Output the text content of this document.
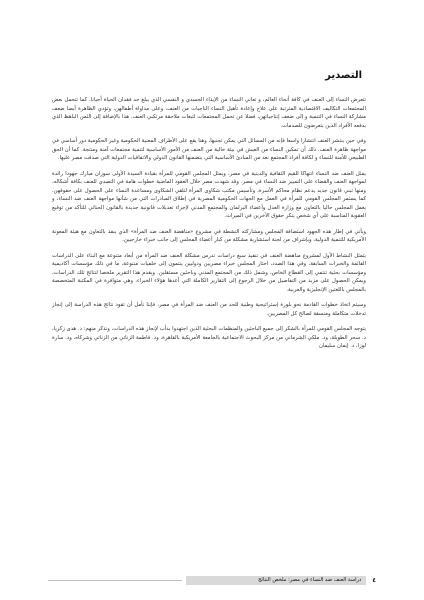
التصدير

تتعرض النساء إلى العنف في كافة أنحاء العالم، و تعاني النساء من الإيذاء الجسدي و النفسي الذي يبلغ حد فقدان الحياة أحيانا. كما تتحمل بعض المجتمعات التكاليف الاقتصادية المترتبة على علاج وإعادة تأهيل النساء الناجيات من العنف، وعلى مداواة أطفالهن، وتؤدي الظاهرة أيضا ضعف مشاركة النساء في التنمية و إلى ضعف إنتاجياتهن، فضلا عن تحمل المجتمعات لتبعات ملاحقة مرتكبي العنف. هذا بالإضافة إلى الثمن الباهظ الذي يدفعه الأفراد الذين يتعرضون للصدمات.

وفي حين ينتشر العنف انتشارا واسعا فإنه من المسائل التي يمكن تجنبها، وهنا يقع على الأطراف المعنية الحكومية وغير الحكومية دور أساسي في مواجهة ظاهرة العنف. ذلك أن تمكين النساء من العيش في بيئة خالية من العنف من الأمور الأساسية لتنمية مجتمعات آمنة ومنتجة. كما أن الحق الطبيعي للأمنة للنساء و لكافة أفراد المجتمع نعد من المبادئ الأساسية التي يتضمنها القانون الدولي والاتفاقيات الدولية التي صدقت مصر عليها.

يمثل العنف ضد النساء انتهاكا للقيم الثقافية والدينية في مصر، ويمثل المجلس القومي للمرأة بقيادة السيدة الأولى سوزان مبارك جهودا رائدة لمواجهة العنف والقضاء على التمييز ضد النساء في مصر. وقد شهدت مصر خلال العقود الماضية خطوات هامة في التصدي للعنف بكافة أشكاله، ومنها تبني قانون جديد يدعم نظام محاكم الأسرة، وتأسيس مكتب شكاوى المرأة لتلقي الشكاوى ومساعدة النساء على الحصول على حقوقهن. كما يستمر المجلس القومي للمرأة في العمل مع الجهات الحكومية المصرية في إطلاق المبادرات التي من شأنها مواجهة العنف ضد النساء، و يعمل المجلس حاليا بالتعاون مع وزارة العدل وأعضاء البرلمان والمجتمع المدني لإجراء تعديلات قانونية جديدة بالقانون الجنائي للتأكد من توقيع العقوبة المناسبة على أي شخص ينكر حقوق الآخرين في الميراث.

ويأتي في إطار هذه الجهود استضافة المجلس ومشاركته النشطة في مشروع «مناهضة العنف ضد المرأة» الذي ينفذ بالتعاون مع هيئة المعونة الأمريكية للتنمية الدولية، وبإشراف من لجنة استشارية مشكلة من كبار أعضاء المجلس إلى جانب خبراء خارجيين.

يتمثل النشاط الأول لمشروع مناهضة العنف في تنفيذ سبع دراسات تدرس مشكلة العنف ضد المرأة من أبعاد متنوعة مع البناء على الدراسات القائمة والخبرات السابقة، وفي هذا الصدد، اختار المجلس خبراء مصريين ودوليين ينتمون إلى خلفيات متنوعة، ما في ذلك مؤسسات أكاديمية ومؤسسات بحثية تنتمي إلى القطاع الخاص، وشمل ذلك من المجتمع المدني وباحثين مستقلين. ويقدم هذا التقرير ملخصا لنتائج تلك الدراسات، ويمكن الحصول على مزيد من التفاصيل من خلال الرجوع إلى التقارير الكاملة التي أعدها هؤلاء الخبراء، وهي متوافرة في المكتبة المتخصصة بالمجلس باللغتين الإنجليزية والعربية.

وسيتم اتخاذ خطوات القادمة نحو بلورة إستراتيجية وطنية للحد من العنف ضد المرأة في مصر، فإننا نأمل أن تقود نتائج هذه الدراسة إلى إنجاز تدخلات متكاملة ومنسقة لصالح كل المصريين.

يتوجه المجلس القومي للمرأة بالشكر إلى جميع الباحثين والمنظمات البحثية الذين اجتهدوا بدأب لإنجاز هذه الدراسات، ونذكر منهم: د. هدى زكريا، د. سحر الطويلة، ود. ملكي الشرماني من مركز البحوث الاجتماعية بالجامعة الأمريكية بالقاهرة، ود. فاطمة الزناتي من الزناتي وشركاه، ود. سارة لوزا، د. إيمان سليمان

٤
دراسة العنف ضد النساء في مصر: ملخص النتائج
